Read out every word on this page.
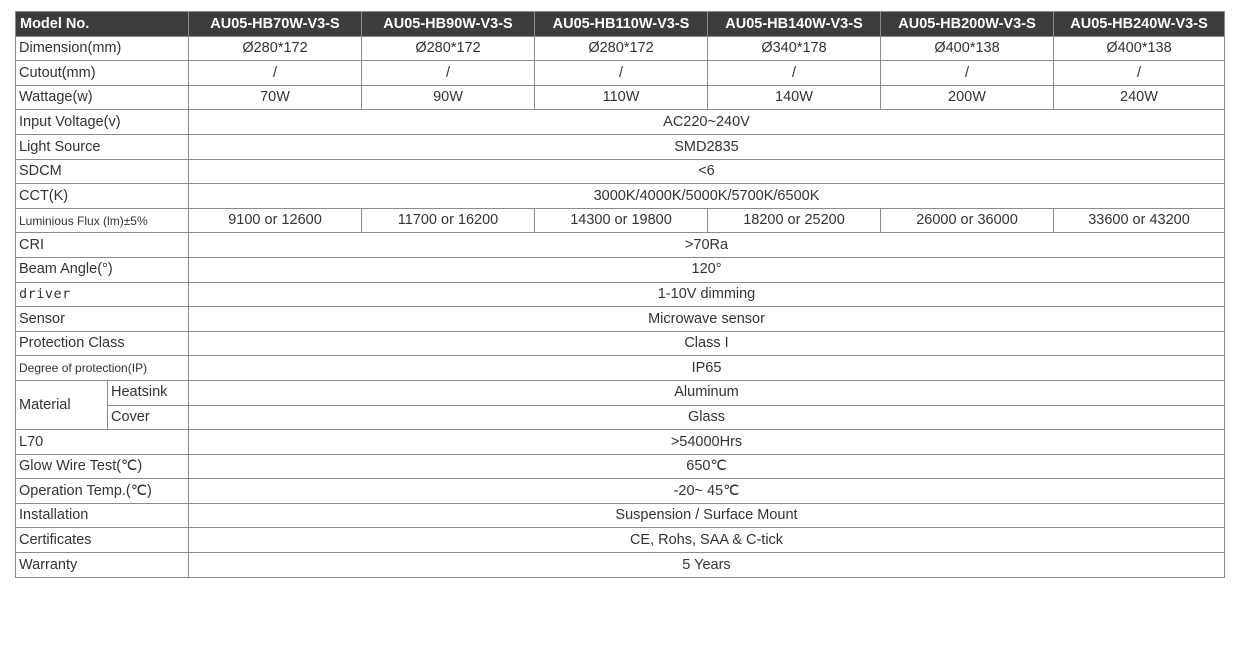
Model No.		AU05-HB70W-V3-S	AU05-HB90W-V3-S	AU05-HB110W-V3-S	AU05-HB140W-V3-S	AU05-HB200W-V3-S	AU05-HB240W-V3-S
Dimension(mm)		Ø280*172	Ø280*172	Ø280*172	Ø340*178	Ø400*138	Ø400*138
Cutout(mm)		/	/	/	/	/	/
Wattage(w)		70W	90W	110W	140W	200W	240W
Input Voltage(v)		AC220~240V					
Light Source		SMD2835					
SDCM		<6					
CCT(K)		3000K/4000K/5000K/5700K/6500K					
Luminious Flux (lm)±5%		9100 or 12600	11700 or 16200	14300 or 19800	18200 or 25200	26000 or 36000	33600 or 43200
CRI		>70Ra					
Beam Angle(°)		120°					
driver		1-10V dimming					
Sensor		Microwave sensor					
Protection Class		Class I					
Degree of protection(IP)		IP65					
Material	Heatsink	Aluminum					
	Cover	Glass					
L70		>54000Hrs					
Glow Wire Test(℃)		650℃					
Operation Temp.(℃)		-20~ 45℃					
Installation		Suspension / Surface Mount					
Certificates		CE, Rohs, SAA & C-tick					
Warranty		5 Years					
